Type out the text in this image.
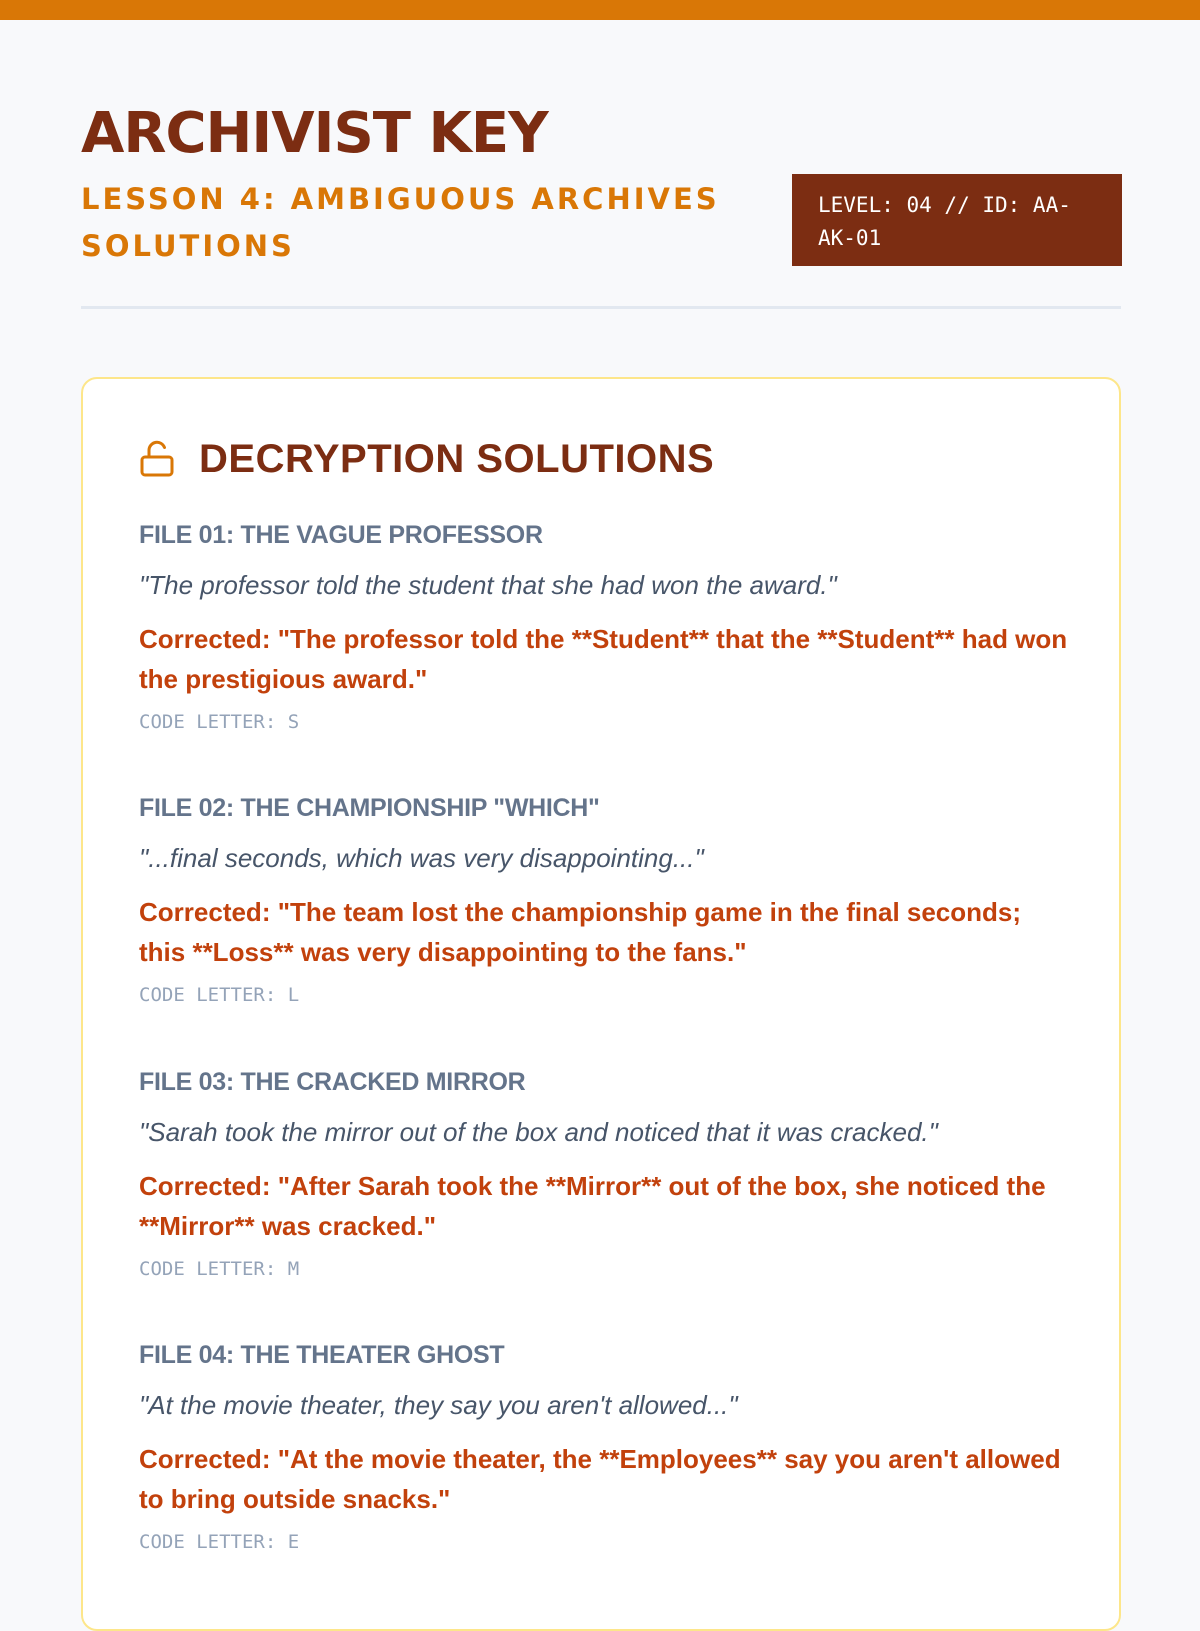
ARCHIVIST KEY
LESSON 4: AMBIGUOUS ARCHIVES SOLUTIONS
LEVEL: 04 // ID: AA-AK-01
DECRYPTION SOLUTIONS
FILE 01: THE VAGUE PROFESSOR
"The professor told the student that she had won the award."
Corrected: "The professor told the **Student** that the **Student** had won the prestigious award."
CODE LETTER: S
FILE 02: THE CHAMPIONSHIP "WHICH"
"...final seconds, which was very disappointing..."
Corrected: "The team lost the championship game in the final seconds; this **Loss** was very disappointing to the fans."
CODE LETTER: L
FILE 03: THE CRACKED MIRROR
"Sarah took the mirror out of the box and noticed that it was cracked."
Corrected: "After Sarah took the **Mirror** out of the box, she noticed the **Mirror** was cracked."
CODE LETTER: M
FILE 04: THE THEATER GHOST
"At the movie theater, they say you aren't allowed..."
Corrected: "At the movie theater, the **Employees** say you aren't allowed to bring outside snacks."
CODE LETTER: E
